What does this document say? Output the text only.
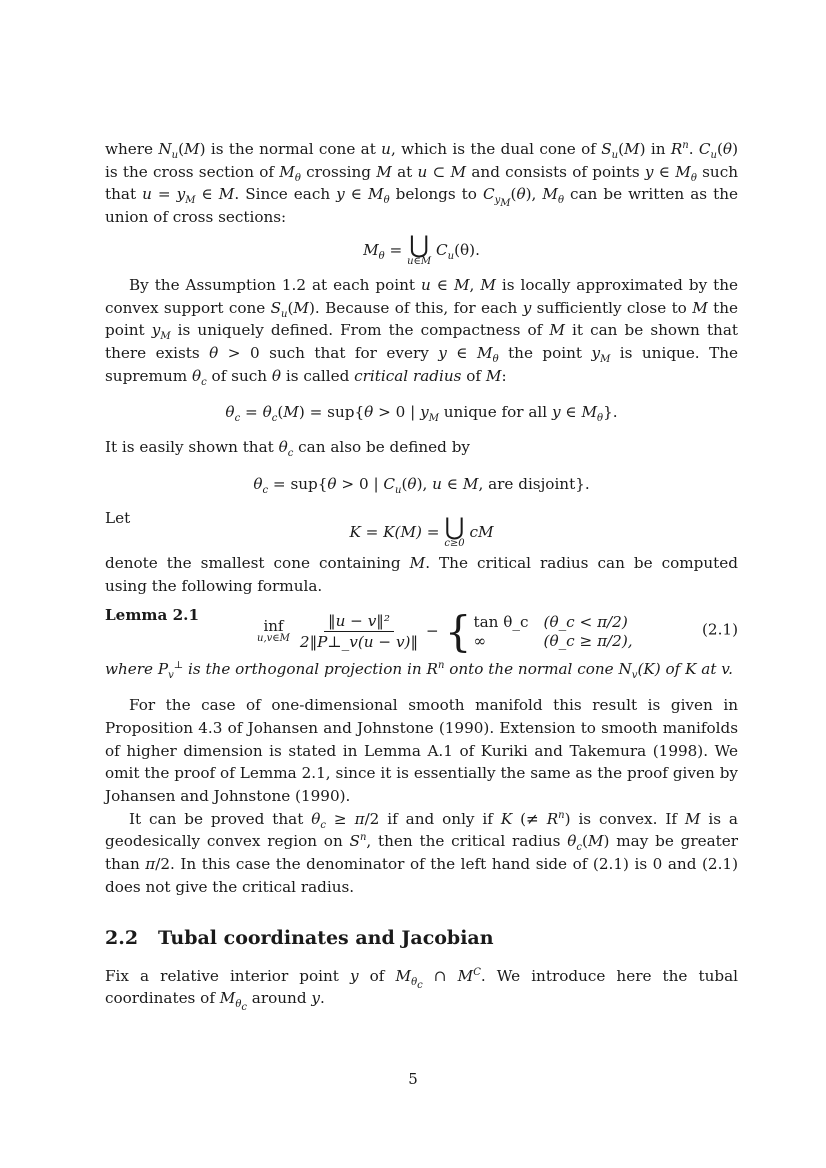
where $N_u(M)$ is the normal cone at u, which is the dual cone of $S_u(M)$ in $R^n$. $C_u(\theta)$ is the cross section of $M_\theta$ crossing M at u ⊂ M and consists of points y ∈ $M_\theta$ such that $u = y_M$ ∈ M. Since each y ∈ $M_\theta$ belongs to $C_{y_M}(\theta)$, $M_\theta$ can be written as the union of cross sections:

$M_\theta$ = ⋃
u∈M
$C_u(\theta)$.

By the Assumption 1.2 at each point u ∈ M, M is locally approximated by the convex support cone $S_u(M)$. Because of this, for each y sufficiently close to M the point $y_M$ is uniquely defined. From the compactness of M it can be shown that there exists θ > 0 such that for every y ∈ $M_\theta$ the point $y_M$ is unique. The supremum $\theta_c$ of such θ is called critical radius of M:

$\theta_c = \theta_c(M) = sup\{\theta > 0$ | $y_M$ unique for all y ∈ $M_\theta$}.

It is easily shown that $\theta_c$ can also be defined by

$\theta_c = sup\{\theta > 0$ | $C_u(\theta)$, u ∈ M, are disjoint}.

Let

K = K(M) = ⋃
c≥0
cM

denote the smallest cone containing M. The critical radius can be computed using the following formula.

Lemma 2.1
inf
u,v∈M $\frac{\text{‖u − v‖²}}{2‖P\perp\_v(u - v)‖}$ − { tan θ_c (θ_c < π/2)
∞	(θ_c ≥ π/2),
(2.1)

where $P_v^\perp$ is the orthogonal projection in $R^n$ onto the normal cone $N_v(K)$ of K at v.

For the case of one-dimensional smooth manifold this result is given in Proposition 4.3 of Johansen and Johnstone (1990). Extension to smooth manifolds of higher dimension is stated in Lemma A.1 of Kuriki and Takemura (1998). We omit the proof of Lemma 2.1, since it is essentially the same as the proof given by Johansen and Johnstone (1990).

It can be proved that $\theta_c \ge \pi/2$ if and only if K (≠ $R^n$) is convex. If M is a geodesically convex region on $S^n$, then the critical radius $\theta_c(M)$ may be greater than π/2. In this case the denominator of the left hand side of (2.1) is 0 and (2.1) does not give the critical radius.

2.2 Tubal coordinates and Jacobian

Fix a relative interior point y of $M_{\theta_c}$ ∩ $M^C$. We introduce here the tubal coordinates of $M_{\theta_c}$ around y.

5
